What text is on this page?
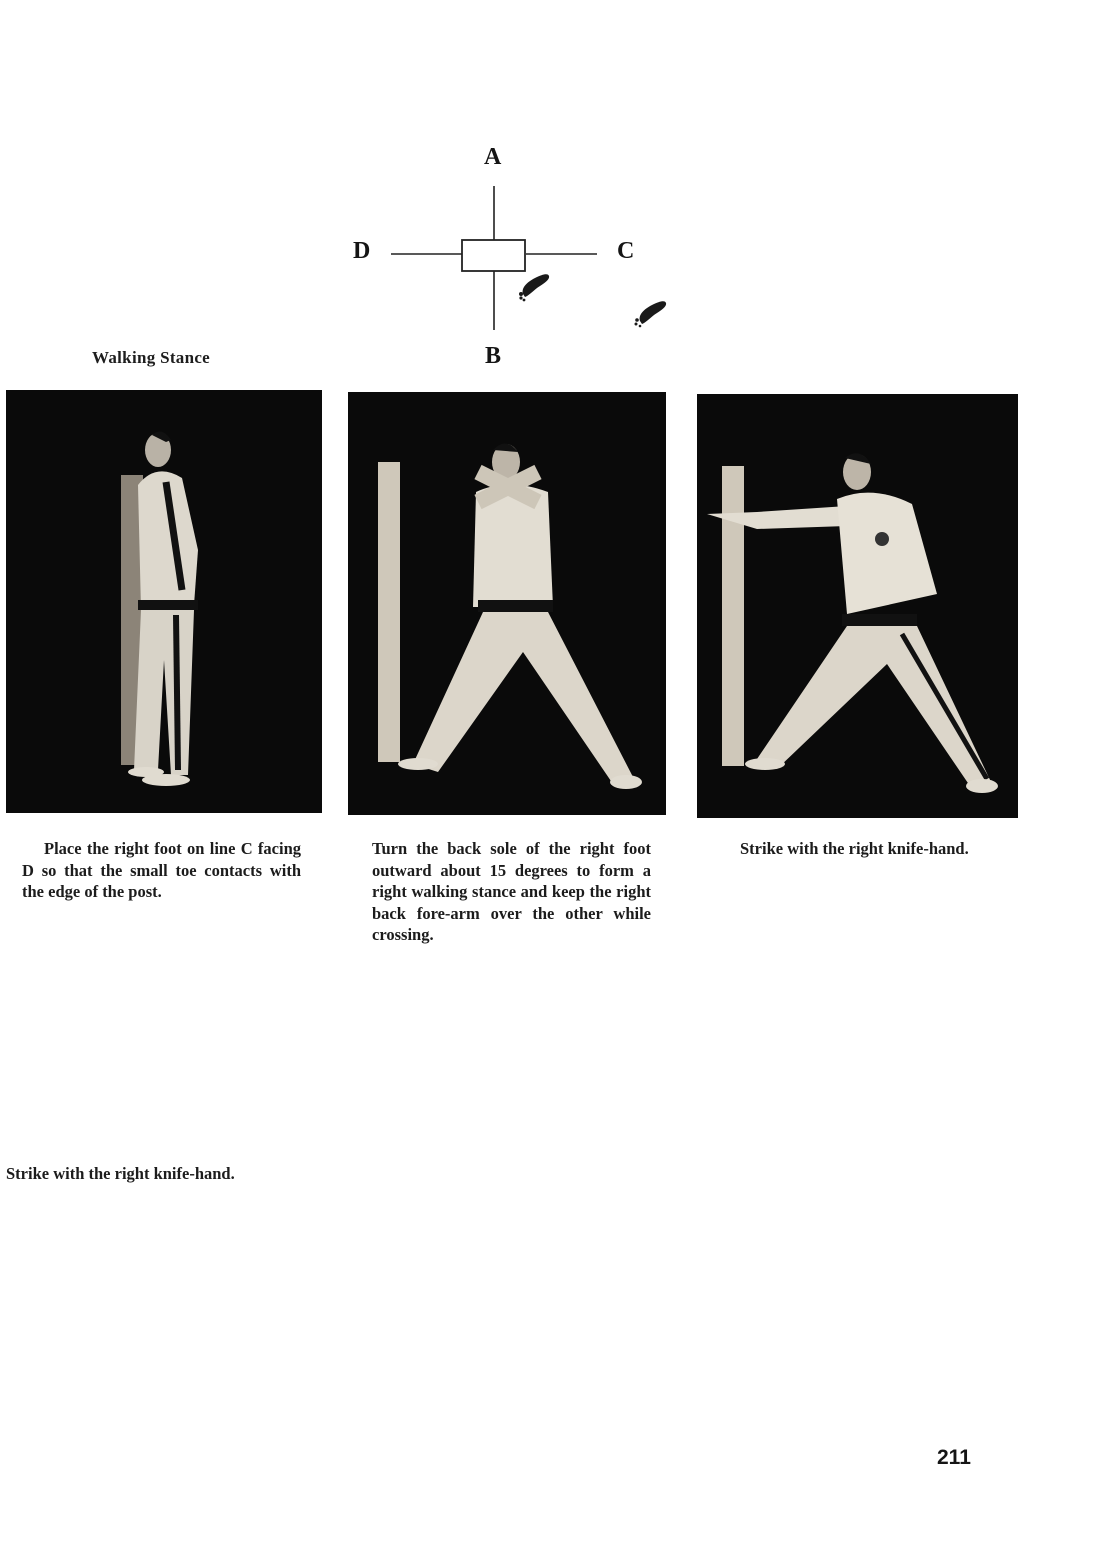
A
D	C
B
Walking Stance

Place the right foot on line C facing D so that the small toe contacts with the edge of the post.

Turn the back sole of the right foot outward about 15 degrees to form a right walking stance and keep the right back fore-arm over the other while crossing.

Strike with the right knife-hand.

Strike with the right knife-hand.

211
